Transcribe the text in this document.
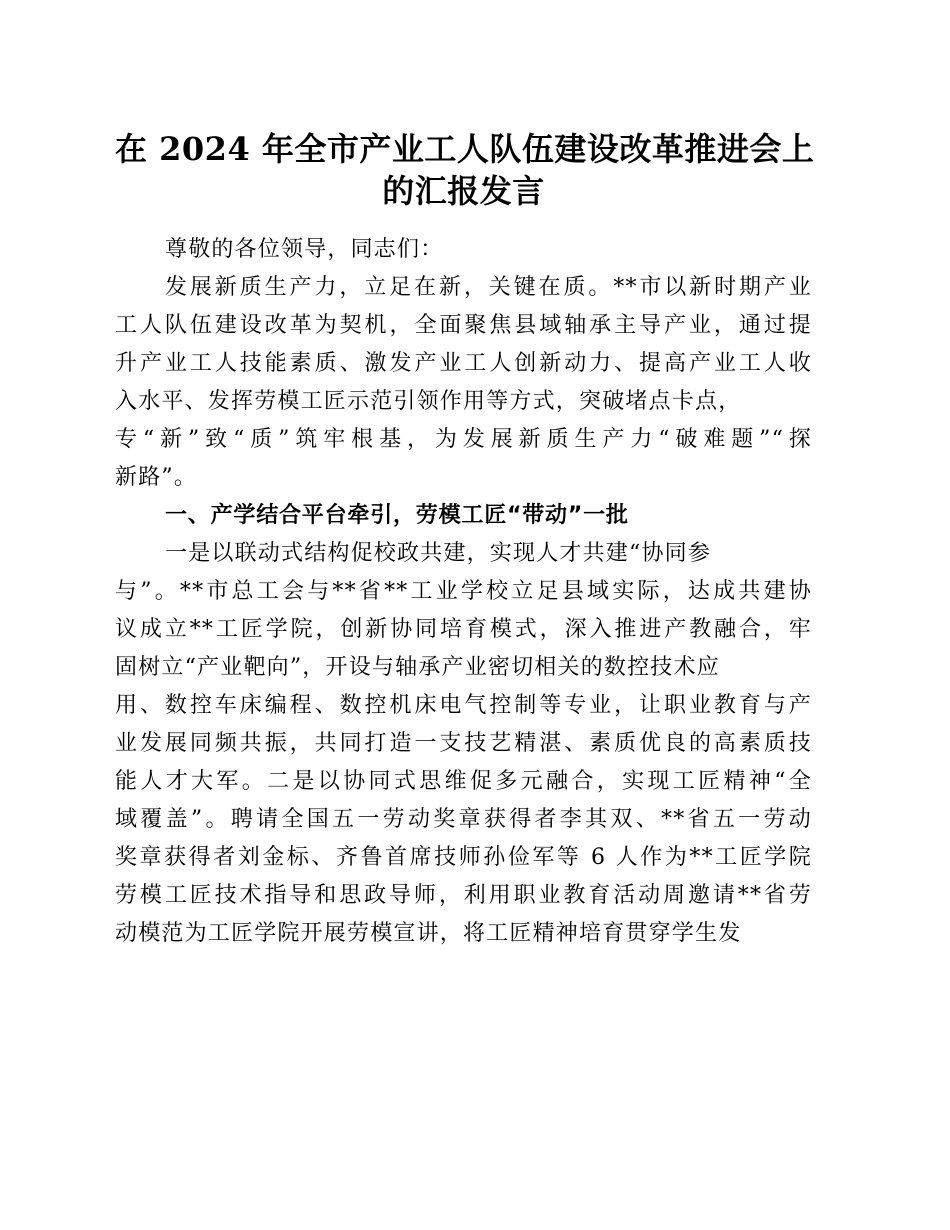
在 2024 年全市产业工人队伍建设改革推进会上
的汇报发言
尊敬的各位领导，同志们：
发展新质生产力，立足在新，关键在质。**市以新时期产业
工人队伍建设改革为契机，全面聚焦县域轴承主导产业，通过提
升产业工人技能素质、激发产业工人创新动力、提高产业工人收
入水平、发挥劳模工匠示范引领作用等方式，突破堵点卡点，
专“新”致“质”筑牢根基，为发展新质生产力“破难题”“探
新路”。
一、产学结合平台牵引，劳模工匠“带动”一批
一是以联动式结构促校政共建，实现人才共建“协同参
与”。**市总工会与**省**工业学校立足县域实际，达成共建协
议成立**工匠学院，创新协同培育模式，深入推进产教融合，牢
固树立“产业靶向”，开设与轴承产业密切相关的数控技术应
用、数控车床编程、数控机床电气控制等专业，让职业教育与产
业发展同频共振，共同打造一支技艺精湛、素质优良的高素质技
能人才大军。二是以协同式思维促多元融合，实现工匠精神“全
域覆盖”。聘请全国五一劳动奖章获得者李其双、**省五一劳动
奖章获得者刘金标、齐鲁首席技师孙俭军等 6 人作为**工匠学院
劳模工匠技术指导和思政导师，利用职业教育活动周邀请**省劳
动模范为工匠学院开展劳模宣讲，将工匠精神培育贯穿学生发
